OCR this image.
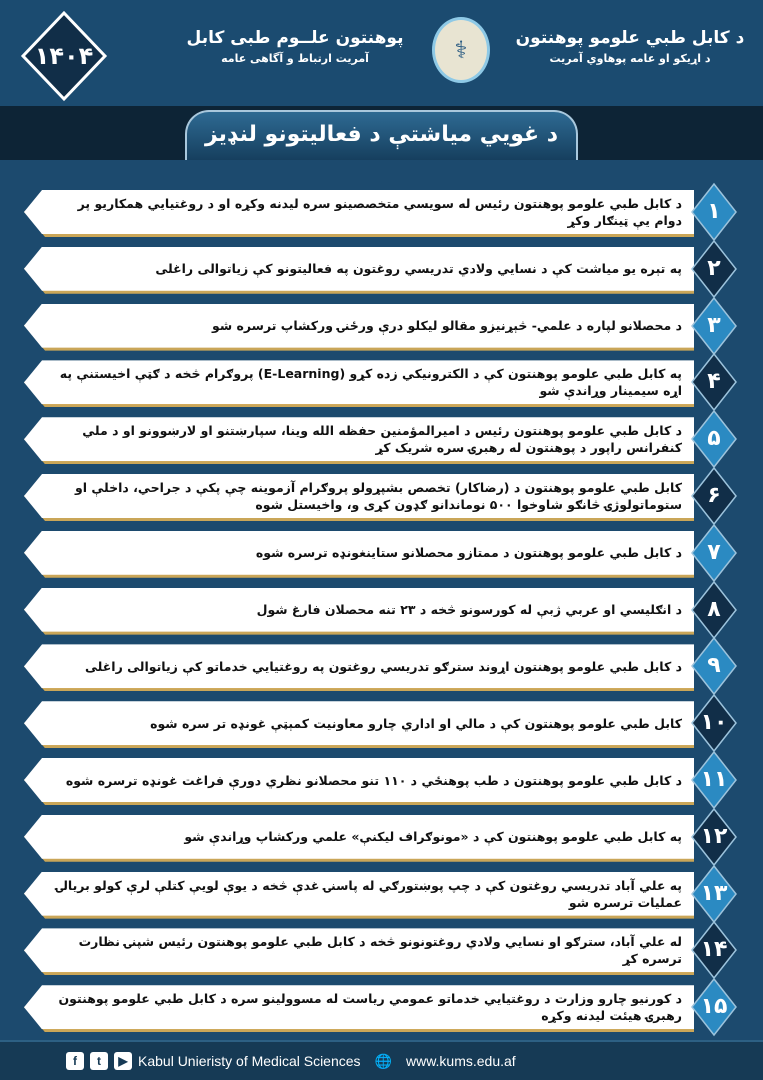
۱۴۰۴
پوهنتون علــوم طبی کابل
آمریت ارتباط و آگاهی عامه	⚕	د کابل طبي علومو پوهنتون
د اړیکو او عامه پوهاوي آمریت
د غويي میاشتې د فعالیتونو لنډیز
د کابل طبي علومو پوهنتون رئیس له سویسي متخصصینو سره لیدنه وکړه او د روغتیایي همکاریو پر دوام یې ټینګار وکړ	۱
په تېره یو میاشت کې د نسایي ولادي تدریسي روغتون په فعالیتونو کې زیاتوالی راغلی	۲
د محصلانو لپاره د علمي- څېړنیزو مقالو لیکلو درې ورځنۍ ورکشاپ ترسره شو	۳
په کابل طبي علومو پوهنتون کې د الکترونیکي زده کړو (E-Learning) پروګرام څخه د ګټې اخیستنې په اړه سیمینار وړاندې شو	۴
د کابل طبي علومو پوهنتون رئیس د امیرالمؤمنین حفظه الله وینا، سپارښتنو او لارښوونو او د ملي کنفرانس راپور د پوهنتون له رهبرۍ سره شریک کړ	۵
کابل طبي علومو پوهنتون د (رضاکار) تخصص بشپړولو پروګرام آزموینه چې پکې د جراحي، داخلې او ستوماتولوژۍ څانګو شاوخوا ۵۰۰ نوماندانو ګډون کړی و، واخیستل شوه	۶
د کابل طبي علومو پوهنتون د ممتازو محصلانو ستاینغونډه ترسره شوه	۷
د انګلیسي او عربي ژبې له کورسونو څخه د ۲۳ تنه محصلان فارغ شول	۸
د کابل طبي علومو پوهنتون اړوند سترګو تدریسي روغتون په روغتیایي خدماتو کې زیاتوالی راغلی	۹
کابل طبي علومو پوهنتون کې د مالي او اداري چارو معاونیت کمېټې غونډه تر سره شوه ۱۰
د کابل طبي علومو پوهنتون د طب پوهنځي د ۱۱۰ تنو محصلانو نظري دورې فراغت غونډه ترسره شوه ۱۱
په کابل طبي علومو پوهنتون کې د «مونوګراف لیکنې» علمي ورکشاپ وړاندې شو ۱۲
په علي آباد تدریسي روغتون کې د چپ پوښتورګي له پاسنۍ غدې څخه د یوې لویې کتلې لرې کولو بریالۍ عملیات ترسره شو ۱۳
له علي آباد، سترګو او نسایي ولادي روغتونونو څخه د کابل طبي علومو پوهنتون رئیس شپنۍ نظارت ترسره کړ ۱۴
د کورنیو چارو وزارت د روغتیایي خدماتو عمومي ریاست له مسوولینو سره د کابل طبي علومو پوهنتون رهبرۍ هیئت لیدنه وکړه ۱۵
f	t	▶ Kabul Unieristy of Medical Sciences 🌐 www.kums.edu.af
